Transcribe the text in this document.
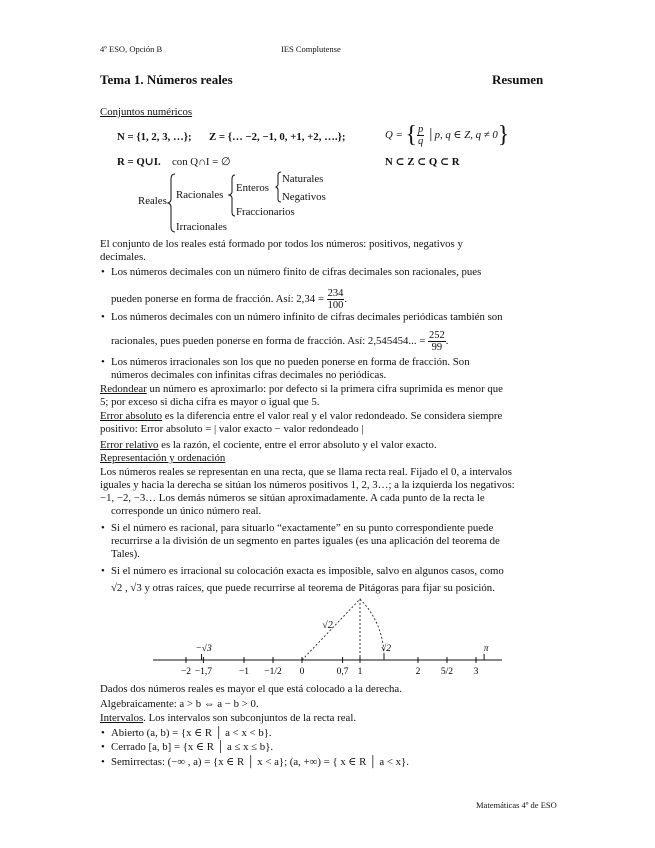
4º ESO, Opción B	IES Complutense
Tema 1. Números reales	Resumen
Conjuntos numéricos
N = {1, 2, 3, …}; Z = {… −2, −1, 0, +1, +2, ….};	Q = { $\frac{p}{q}$ │p, q ∈ Z, q ≠ 0}
R = Q∪I. con Q∩I = ∅	N ⊂ Z ⊂ Q ⊂ R
Reales Racionales
Enteros
Naturales
Negativos
Fraccionarios
Irracionales
El conjunto de los reales está formado por todos los números: positivos, negativos y
decimales.
• Los números decimales con un número finito de cifras decimales son racionales, pues
pueden ponerse en forma de fracción. Así: $2,34 = \frac{234}{100}$ .
• Los números decimales con un número infinito de cifras decimales periódicas también son
racionales, pues pueden ponerse en forma de fracción. Así: 2,545454... = $\frac{252}{99}$ .
• Los números irracionales son los que no pueden ponerse en forma de fracción. Son
números decimales con infinitas cifras decimales no periódicas.
Redondear un número es aproximarlo: por defecto si la primera cifra suprimida es menor que
5; por exceso si dicha cifra es mayor o igual que 5.
Error absoluto es la diferencia entre el valor real y el valor redondeado. Se considera siempre
positivo: Error absoluto = | valor exacto − valor redondeado |
Error relativo es la razón, el cociente, entre el error absoluto y el valor exacto.
Representación y ordenación
Los números reales se representan en una recta, que se llama recta real. Fijado el 0, a intervalos
iguales y hacia la derecha se sitúan los números positivos 1, 2, 3…; a la izquierda los negativos:
−1, −2, −3… Los demás números se sitúan aproximadamente. A cada punto de la recta le
corresponde un único número real.
• Si el número es racional, para situarlo “exactamente” en su punto correspondiente puede
recurrirse a la división de un segmento en partes iguales (es una aplicación del teorema de
Tales).
• Si el número es irracional su colocación exacta es imposible, salvo en algunos casos, como
√2 , √3 y otras raíces, que puede recurrirse al teorema de Pitágoras para fijar su posición.
−2 −1,7	−1 −1/2 0	0,7 1	2 5/2 3
−√3	√2	π
√2
Dados dos números reales es mayor el que está colocado a la derecha.
Algebraicamente: a > b ⇔ a − b > 0.
Intervalos. Los intervalos son subconjuntos de la recta real.
• Abierto (a, b) = {x ∈ R │ a < x < b}.
• Cerrado [a, b] = {x ∈ R │ a ≤ x ≤ b}.
• Semirrectas: (−∞ , a) = {x ∈ R │ x < a}; (a, +∞) = { x ∈ R │ a < x}.
Matemáticas 4º de ESO
